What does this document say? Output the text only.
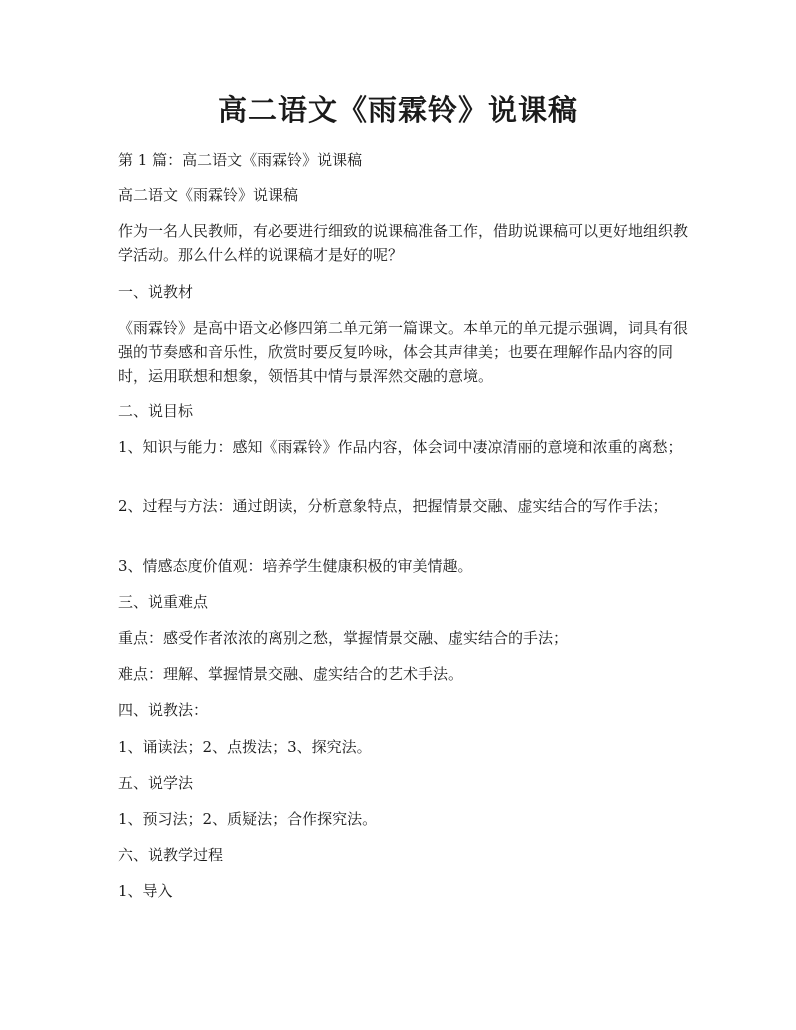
高二语文《雨霖铃》说课稿

第 1 篇：高二语文《雨霖铃》说课稿

高二语文《雨霖铃》说课稿

作为一名人民教师，有必要进行细致的说课稿准备工作，借助说课稿可以更好地组织教学活动。那么什么样的说课稿才是好的呢？

一、说教材

《雨霖铃》是高中语文必修四第二单元第一篇课文。本单元的单元提示强调，词具有很强的节奏感和音乐性，欣赏时要反复吟咏，体会其声律美；也要在理解作品内容的同时，运用联想和想象，领悟其中情与景浑然交融的意境。

二、说目标

1、知识与能力：感知《雨霖铃》作品内容，体会词中凄凉清丽的意境和浓重的离愁；

2、过程与方法：通过朗读，分析意象特点，把握情景交融、虚实结合的写作手法；

3、情感态度价值观：培养学生健康积极的审美情趣。

三、说重难点

重点：感受作者浓浓的离别之愁，掌握情景交融、虚实结合的手法；

难点：理解、掌握情景交融、虚实结合的艺术手法。

四、说教法：

1、诵读法；2、点拨法；3、探究法。

五、说学法

1、预习法；2、质疑法；合作探究法。

六、说教学过程

1、导入
